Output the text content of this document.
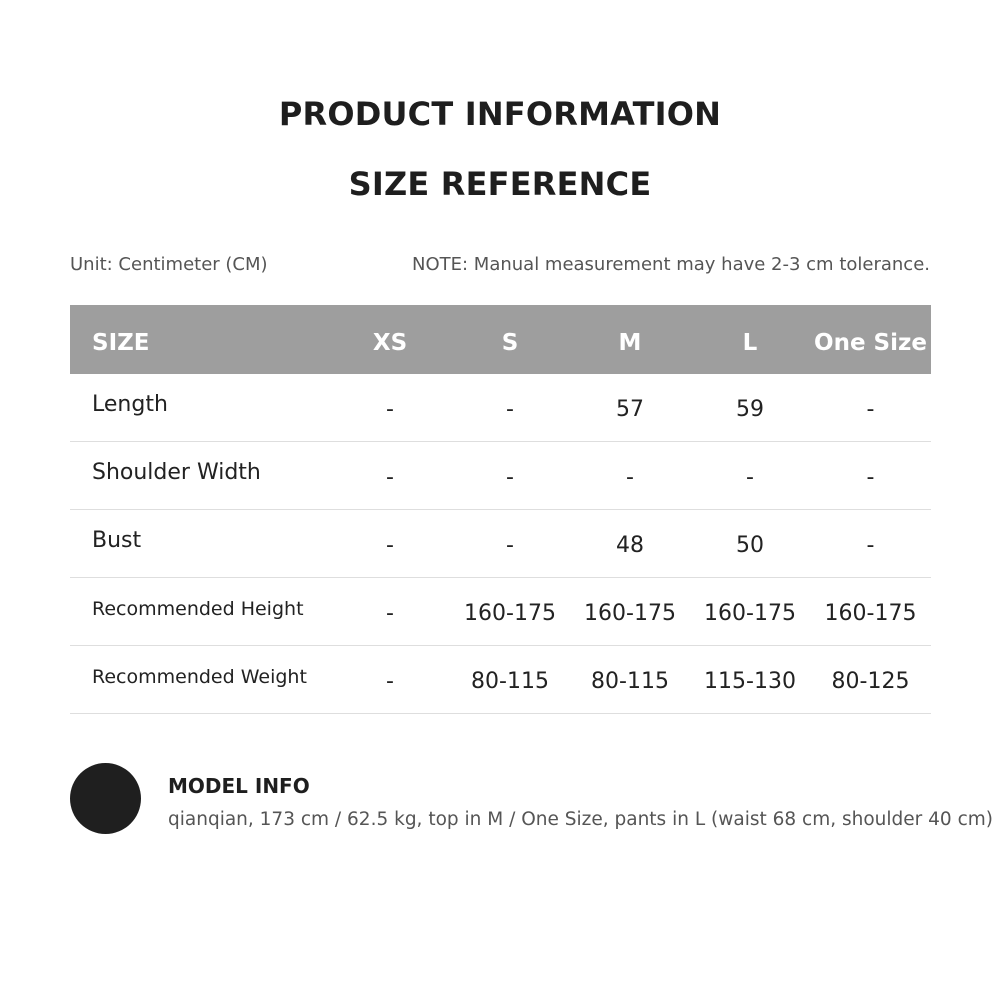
PRODUCT INFORMATION
SIZE REFERENCE
Unit: Centimeter (CM)	NOTE: Manual measurement may have 2-3 cm tolerance.
SIZE	XS	S	M	L	One Size
Length	-	-	57	59	-
Shoulder Width	-	-	-	-	-
Bust	-	-	48	50	-
Recommended Height	-	160-175	160-175	160-175	160-175
Recommended Weight	-	80-115	80-115	115-130	80-125
MODEL INFO
qianqian, 173 cm / 62.5 kg, top in M / One Size, pants in L (waist 68 cm, shoulder 40 cm)
